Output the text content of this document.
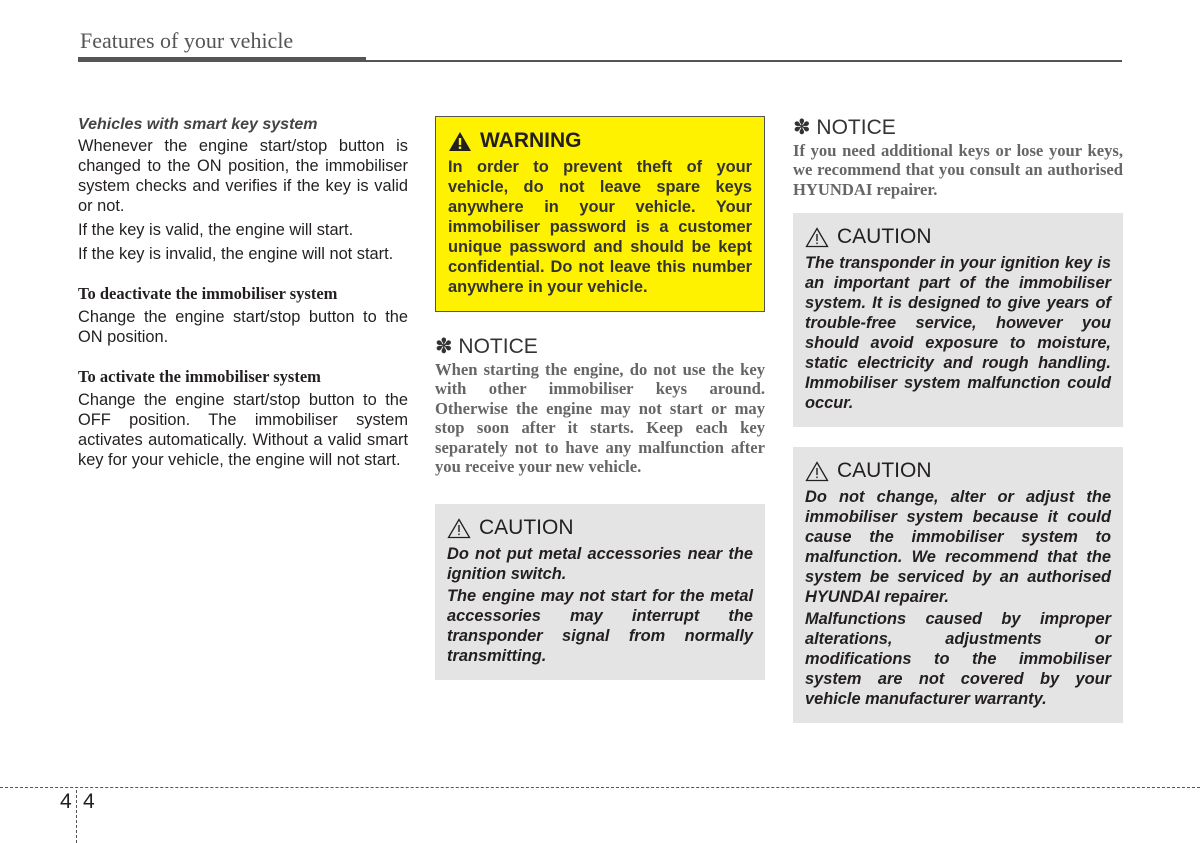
Features of your vehicle
Vehicles with smart key system

Whenever the engine start/stop button is changed to the ON position, the immobiliser system checks and verifies if the key is valid or not.

If the key is valid, the engine will start.

If the key is invalid, the engine will not start.

To deactivate the immobiliser system

Change the engine start/stop button to the ON position.

To activate the immobiliser system

Change the engine start/stop button to the OFF position. The immobiliser system activates automatically. Without a valid smart key for your vehicle, the engine will not start.

WARNING

In order to prevent theft of your vehicle, do not leave spare keys anywhere in your vehicle. Your immobiliser password is a customer unique password and should be kept confidential. Do not leave this number anywhere in your vehicle.

✽ NOTICE

When starting the engine, do not use the key with other immobiliser keys around. Otherwise the engine may not start or may stop soon after it starts. Keep each key separately not to have any malfunction after you receive your new vehicle.

CAUTION

Do not put metal accessories near the ignition switch.

The engine may not start for the metal accessories may interrupt the transponder signal from normally transmitting.

✽ NOTICE

If you need additional keys or lose your keys, we recommend that you consult an authorised HYUNDAI repairer.

CAUTION

The transponder in your ignition key is an important part of the immobiliser system. It is designed to give years of trouble-free service, however you should avoid exposure to moisture, static electricity and rough handling. Immobiliser system malfunction could occur.

CAUTION

Do not change, alter or adjust the immobiliser system because it could cause the immobiliser system to malfunction. We recommend that the system be serviced by an authorised HYUNDAI repairer.

Malfunctions caused by improper alterations, adjustments or modifications to the immobiliser system are not covered by your vehicle manufacturer warranty.

4 4
